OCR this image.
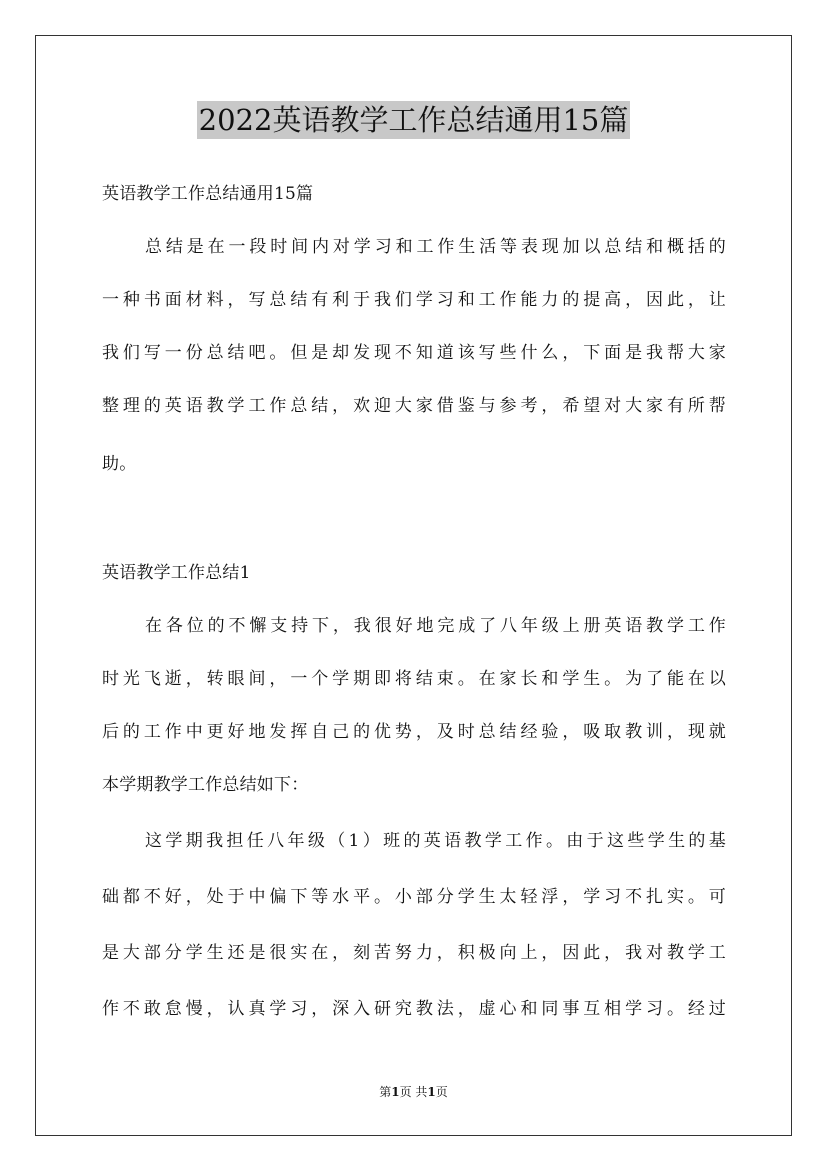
2022英语教学工作总结通用15篇
英语教学工作总结通用15篇
总结是在一段时间内对学习和工作生活等表现加以总结和概括的
一种书面材料，写总结有利于我们学习和工作能力的提高，因此，让
我们写一份总结吧。但是却发现不知道该写些什么，下面是我帮大家
整理的英语教学工作总结，欢迎大家借鉴与参考，希望对大家有所帮
助。
英语教学工作总结1
在各位的不懈支持下，我很好地完成了八年级上册英语教学工作
时光飞逝，转眼间，一个学期即将结束。在家长和学生。为了能在以
后的工作中更好地发挥自己的优势，及时总结经验，吸取教训，现就
本学期教学工作总结如下：
这学期我担任八年级（1）班的英语教学工作。由于这些学生的基
础都不好，处于中偏下等水平。小部分学生太轻浮，学习不扎实。可
是大部分学生还是很实在，刻苦努力，积极向上，因此，我对教学工
作不敢怠慢，认真学习，深入研究教法，虚心和同事互相学习。经过
第1页 共1页
